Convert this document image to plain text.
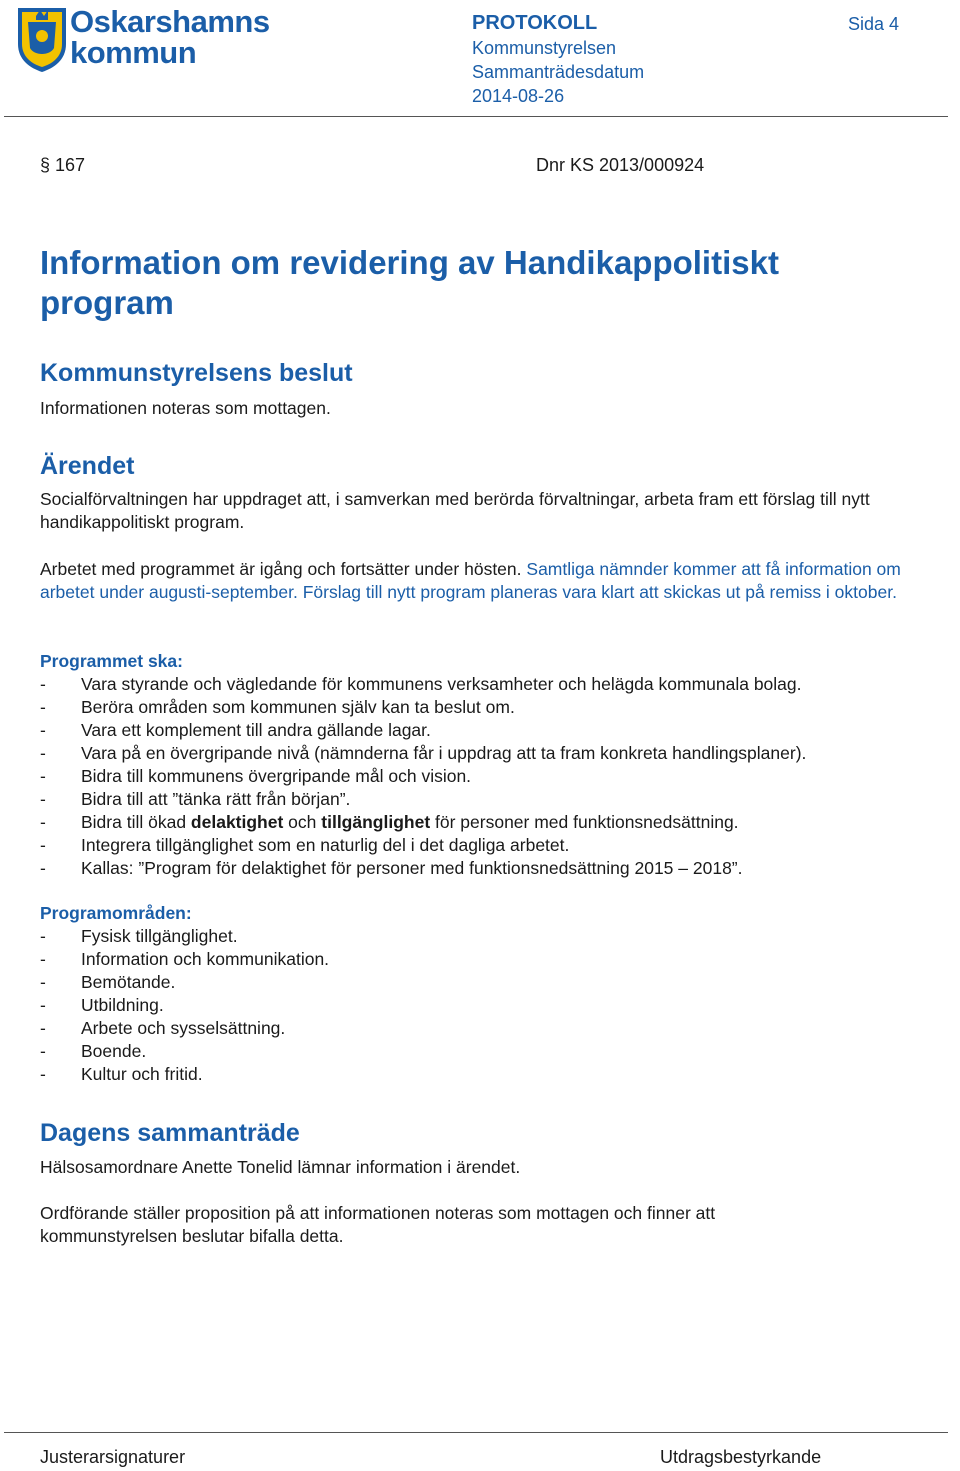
Oskarshamns
kommun
PROTOKOLL
Kommunstyrelsen
Sammanträdesdatum
2014-08-26
Sida 4
§ 167	Dnr KS 2013/000924
Information om revidering av Handikappolitiskt program
Kommunstyrelsens beslut
Informationen noteras som mottagen.
Ärendet
Socialförvaltningen har uppdraget att, i samverkan med berörda förvaltningar, arbeta fram ett förslag till nytt handikappolitiskt program.
Arbetet med programmet är igång och fortsätter under hösten. Samtliga nämnder kommer att få information om arbetet under augusti-september. Förslag till nytt program planeras vara klart att skickas ut på remiss i oktober.
Programmet ska:
- Vara styrande och vägledande för kommunens verksamheter och helägda kommunala bolag.
- Beröra områden som kommunen själv kan ta beslut om.
- Vara ett komplement till andra gällande lagar.
- Vara på en övergripande nivå (nämnderna får i uppdrag att ta fram konkreta handlingsplaner).
- Bidra till kommunens övergripande mål och vision.
- Bidra till att ”tänka rätt från början”.
- Bidra till ökad delaktighet och tillgänglighet för personer med funktionsnedsättning.
- Integrera tillgänglighet som en naturlig del i det dagliga arbetet.
- Kallas: ”Program för delaktighet för personer med funktionsnedsättning 2015 – 2018”.
Programområden:
- Fysisk tillgänglighet.
- Information och kommunikation.
- Bemötande.
- Utbildning.
- Arbete och sysselsättning.
- Boende.
- Kultur och fritid.
Dagens sammanträde
Hälsosamordnare Anette Tonelid lämnar information i ärendet.
Ordförande ställer proposition på att informationen noteras som mottagen och finner att kommunstyrelsen beslutar bifalla detta.
Justerarsignaturer	Utdragsbestyrkande
